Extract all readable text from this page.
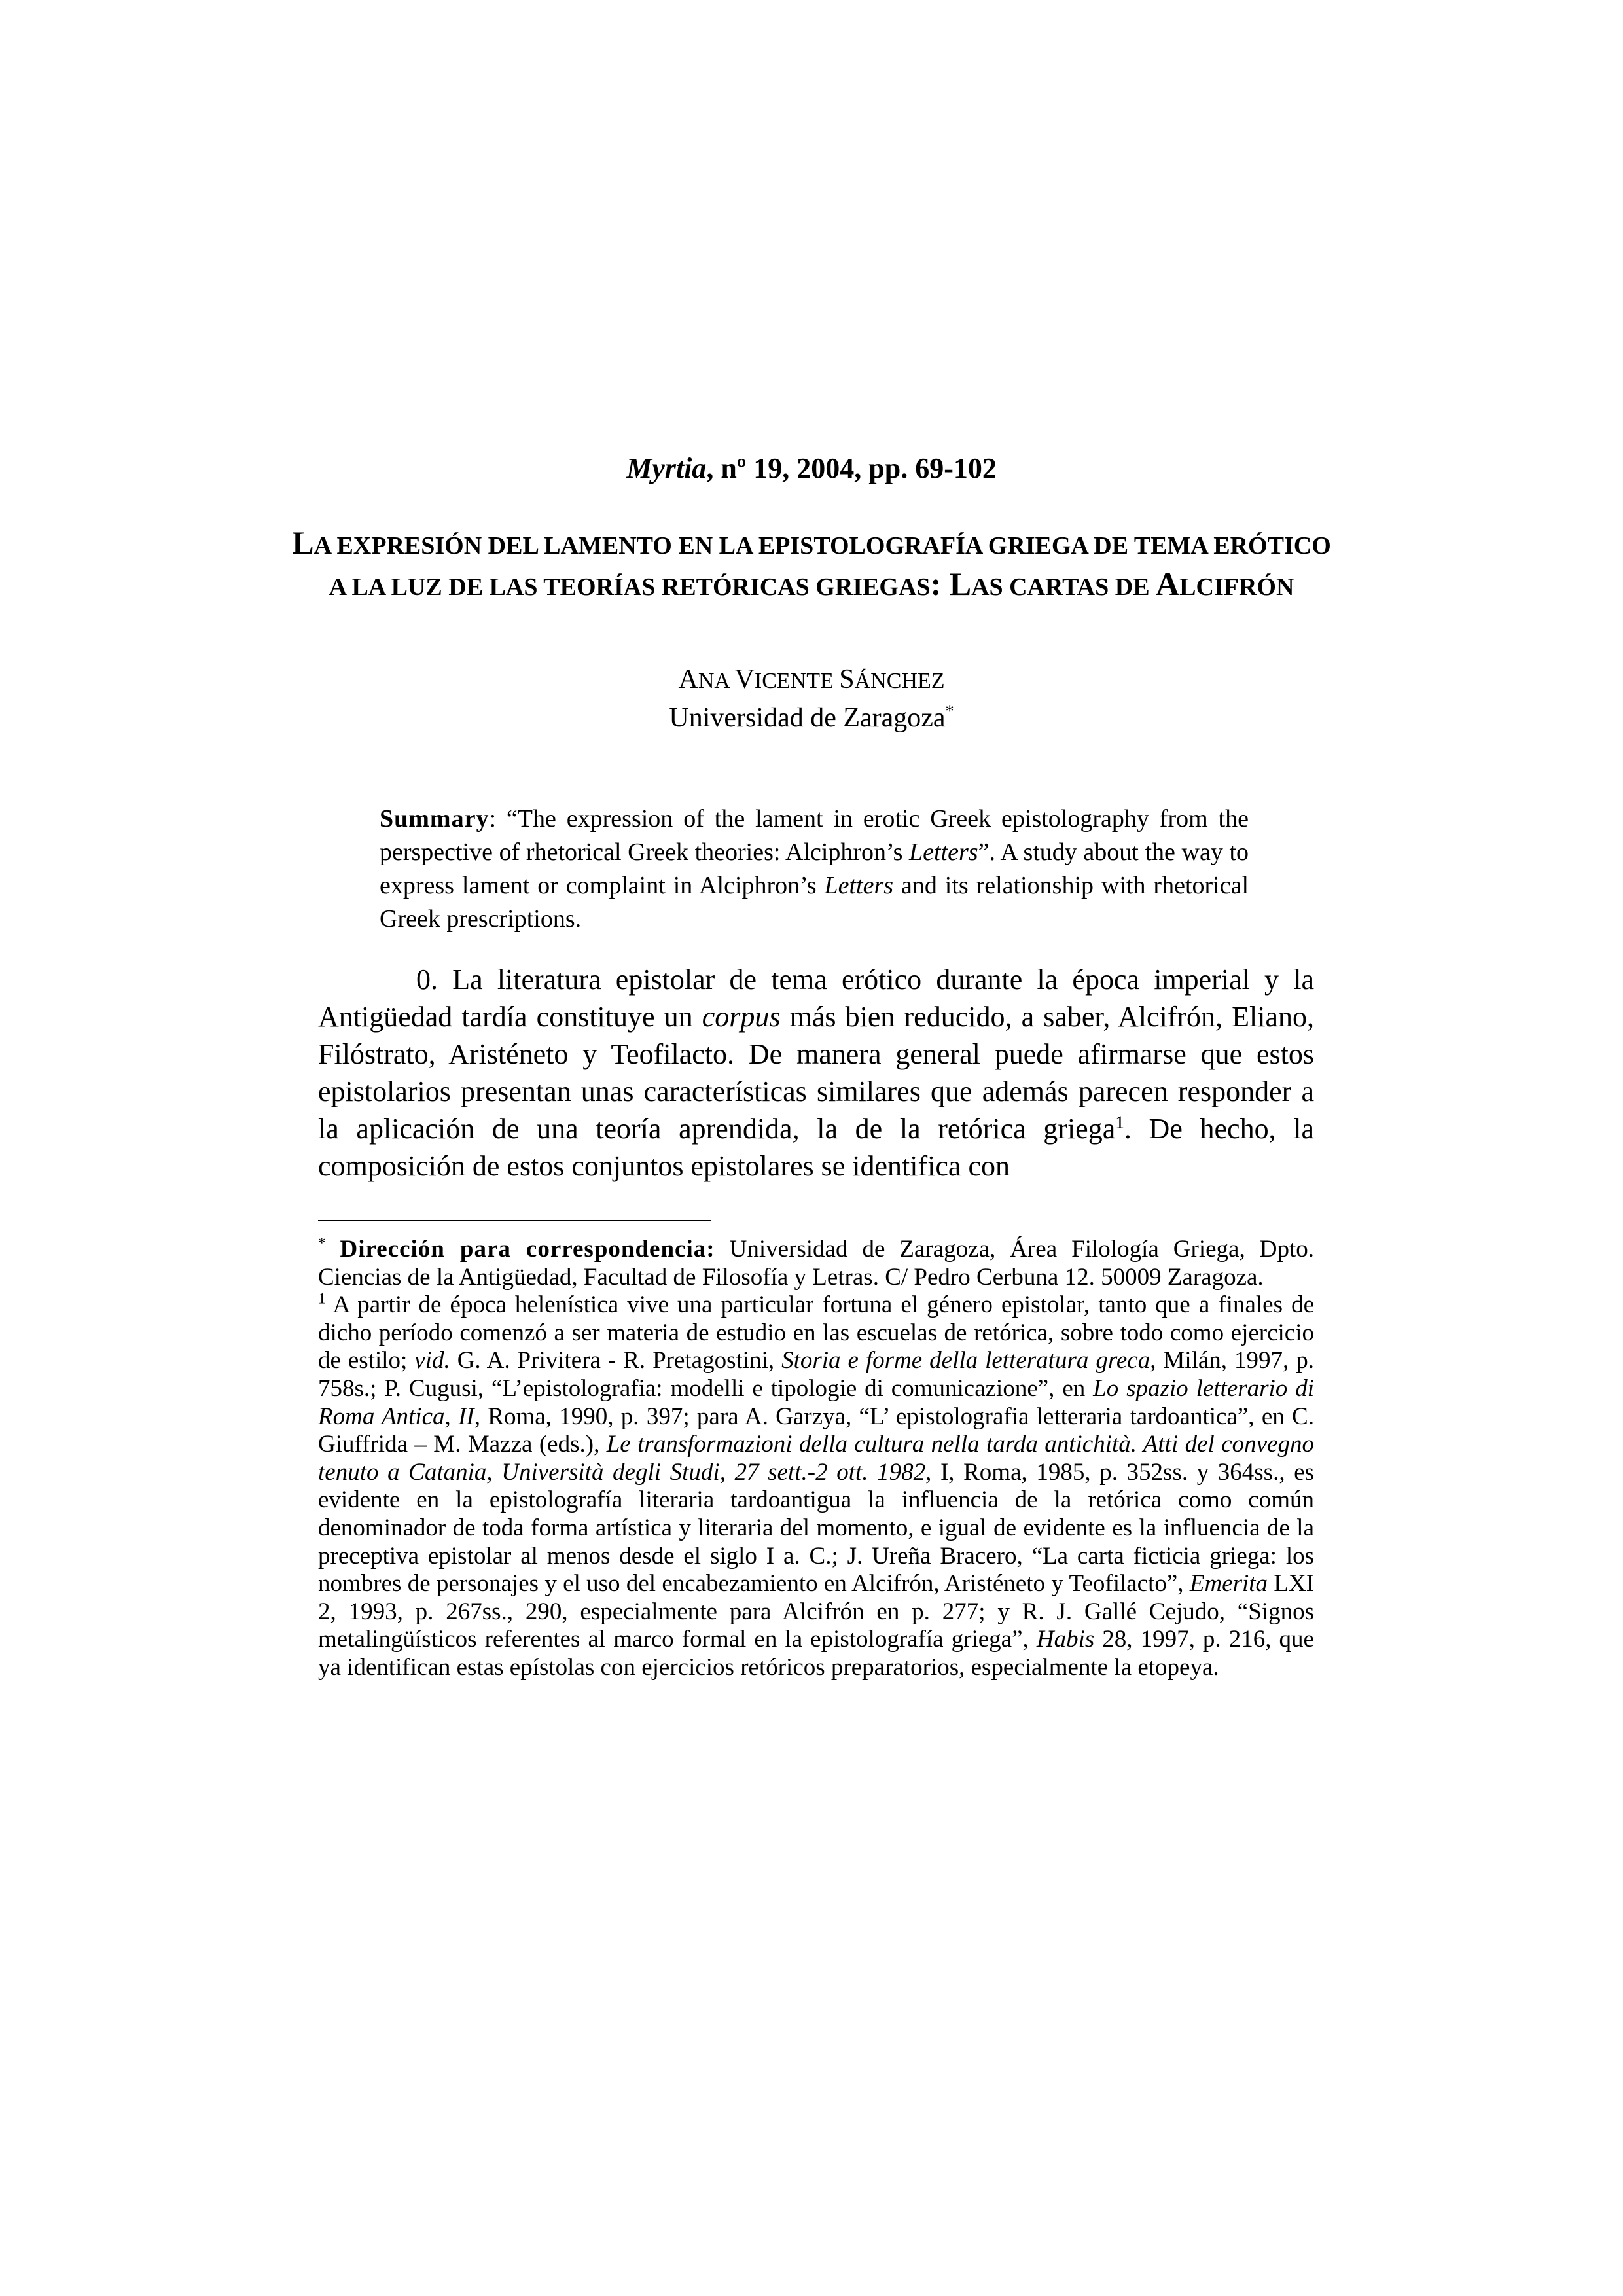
Myrtia, nº 19, 2004, pp. 69-102
LA EXPRESIÓN DEL LAMENTO EN LA EPISTOLOGRAFÍA GRIEGA DE TEMA ERÓTICO A LA LUZ DE LAS TEORÍAS RETÓRICAS GRIEGAS: LAS CARTAS DE ALCIFRÓN
ANA VICENTE SÁNCHEZ
Universidad de Zaragoza*
Summary: “The expression of the lament in erotic Greek epistolography from the perspective of rhetorical Greek theories: Alciphron’s Letters”. A study about the way to express lament or complaint in Alciphron’s Letters and its relationship with rhetorical Greek prescriptions.

0. La literatura epistolar de tema erótico durante la época imperial y la Antigüedad tardía constituye un corpus más bien reducido, a saber, Alcifrón, Eliano, Filóstrato, Aristéneto y Teofilacto. De manera general puede afirmarse que estos epistolarios presentan unas características similares que además parecen responder a la aplicación de una teoría aprendida, la de la retórica griega$^1$. De hecho, la composición de estos conjuntos epistolares se identifica con

* Dirección para correspondencia: Universidad de Zaragoza, Área Filología Griega, Dpto. Ciencias de la Antigüedad, Facultad de Filosofía y Letras. C/ Pedro Cerbuna 12. 50009 Zaragoza.

$^1$ A partir de época helenística vive una particular fortuna el género epistolar, tanto que a finales de dicho período comenzó a ser materia de estudio en las escuelas de retórica, sobre todo como ejercicio de estilo; vid. G. A. Privitera - R. Pretagostini, Storia e forme della letteratura greca, Milán, 1997, p. 758s.; P. Cugusi, “L’epistolografia: modelli e tipologie di comunicazione”, en Lo spazio letterario di Roma Antica, II, Roma, 1990, p. 397; para A. Garzya, “L’ epistolografia letteraria tardoantica”, en C. Giuffrida – M. Mazza (eds.), Le transformazioni della cultura nella tarda antichità. Atti del convegno tenuto a Catania, Università degli Studi, 27 sett.-2 ott. 1982, I, Roma, 1985, p. 352ss. y 364ss., es evidente en la epistolografía literaria tardoantigua la influencia de la retórica como común denominador de toda forma artística y literaria del momento, e igual de evidente es la influencia de la preceptiva epistolar al menos desde el siglo I a. C.; J. Ureña Bracero, “La carta ficticia griega: los nombres de personajes y el uso del encabezamiento en Alcifrón, Aristéneto y Teofilacto”, Emerita LXI 2, 1993, p. 267ss., 290, especialmente para Alcifrón en p. 277; y R. J. Gallé Cejudo, “Signos metalingüísticos referentes al marco formal en la epistolografía griega”, Habis 28, 1997, p. 216, que ya identifican estas epístolas con ejercicios retóricos preparatorios, especialmente la etopeya.
